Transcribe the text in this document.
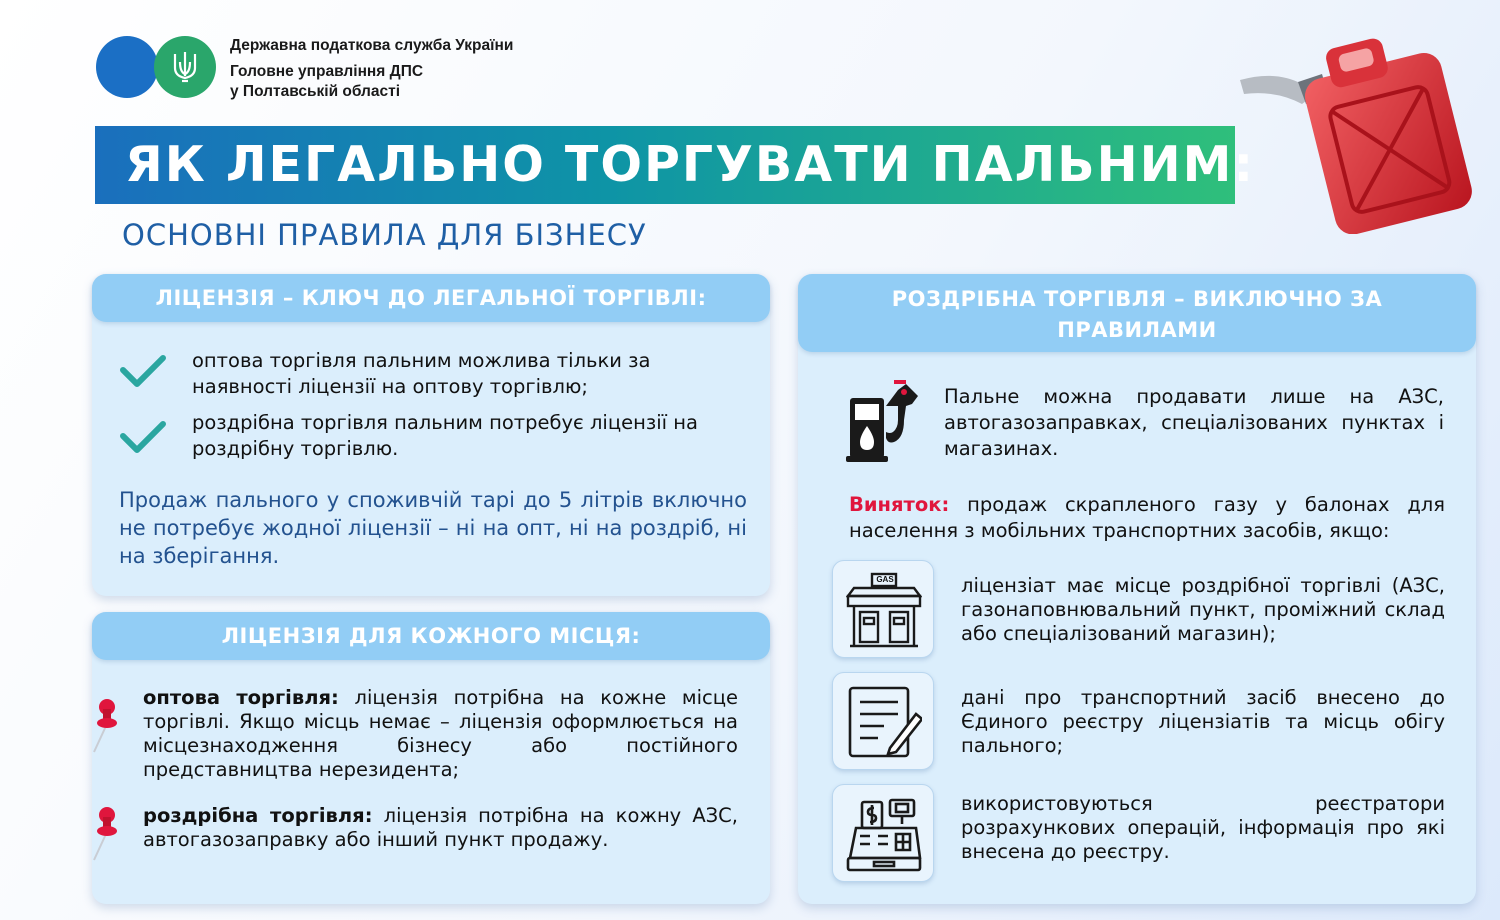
Державна податкова служба України
Головне управління ДПС
у Полтавській області
ЯК ЛЕГАЛЬНО ТОРГУВАТИ ПАЛЬНИМ:
ОСНОВНІ ПРАВИЛА ДЛЯ БІЗНЕСУ
ЛІЦЕНЗІЯ – КЛЮЧ ДО ЛЕГАЛЬНОЇ ТОРГІВЛІ:
оптова торгівля пальним можлива тільки за наявності ліцензії на оптову торгівлю;
роздрібна торгівля пальним потребує ліцензії на роздрібну торгівлю.
Продаж пального у споживчій тарі до 5 літрів включно не потребує жодної ліцензії – ні на опт, ні на роздріб, ні на зберігання.
ЛІЦЕНЗІЯ ДЛЯ КОЖНОГО МІСЦЯ:
оптова торгівля: ліцензія потрібна на кожне місце торгівлі. Якщо місць немає – ліцензія оформлюється на місцезнаходження бізнесу або постійного представництва нерезидента;
роздрібна торгівля: ліцензія потрібна на кожну АЗС, автогазозаправку або інший пункт продажу.
РОЗДРІБНА ТОРГІВЛЯ – ВИКЛЮЧНО ЗА ПРАВИЛАМИ
Пальне можна продавати лише на АЗС, автогазозаправках, спеціалізованих пунктах і магазинах.
Виняток: продаж скрапленого газу у балонах для населення з мобільних транспортних засобів, якщо:
GAS	ліцензіат має місце роздрібної торгівлі (АЗС, газонаповнювальний пункт, проміжний склад або спеціалізований магазин);
дані про транспортний засіб внесено до Єдиного реєстру ліцензіатів та місць обігу пального;
використовуються реєстратори розрахункових операцій, інформація про які внесена до реєстру.
